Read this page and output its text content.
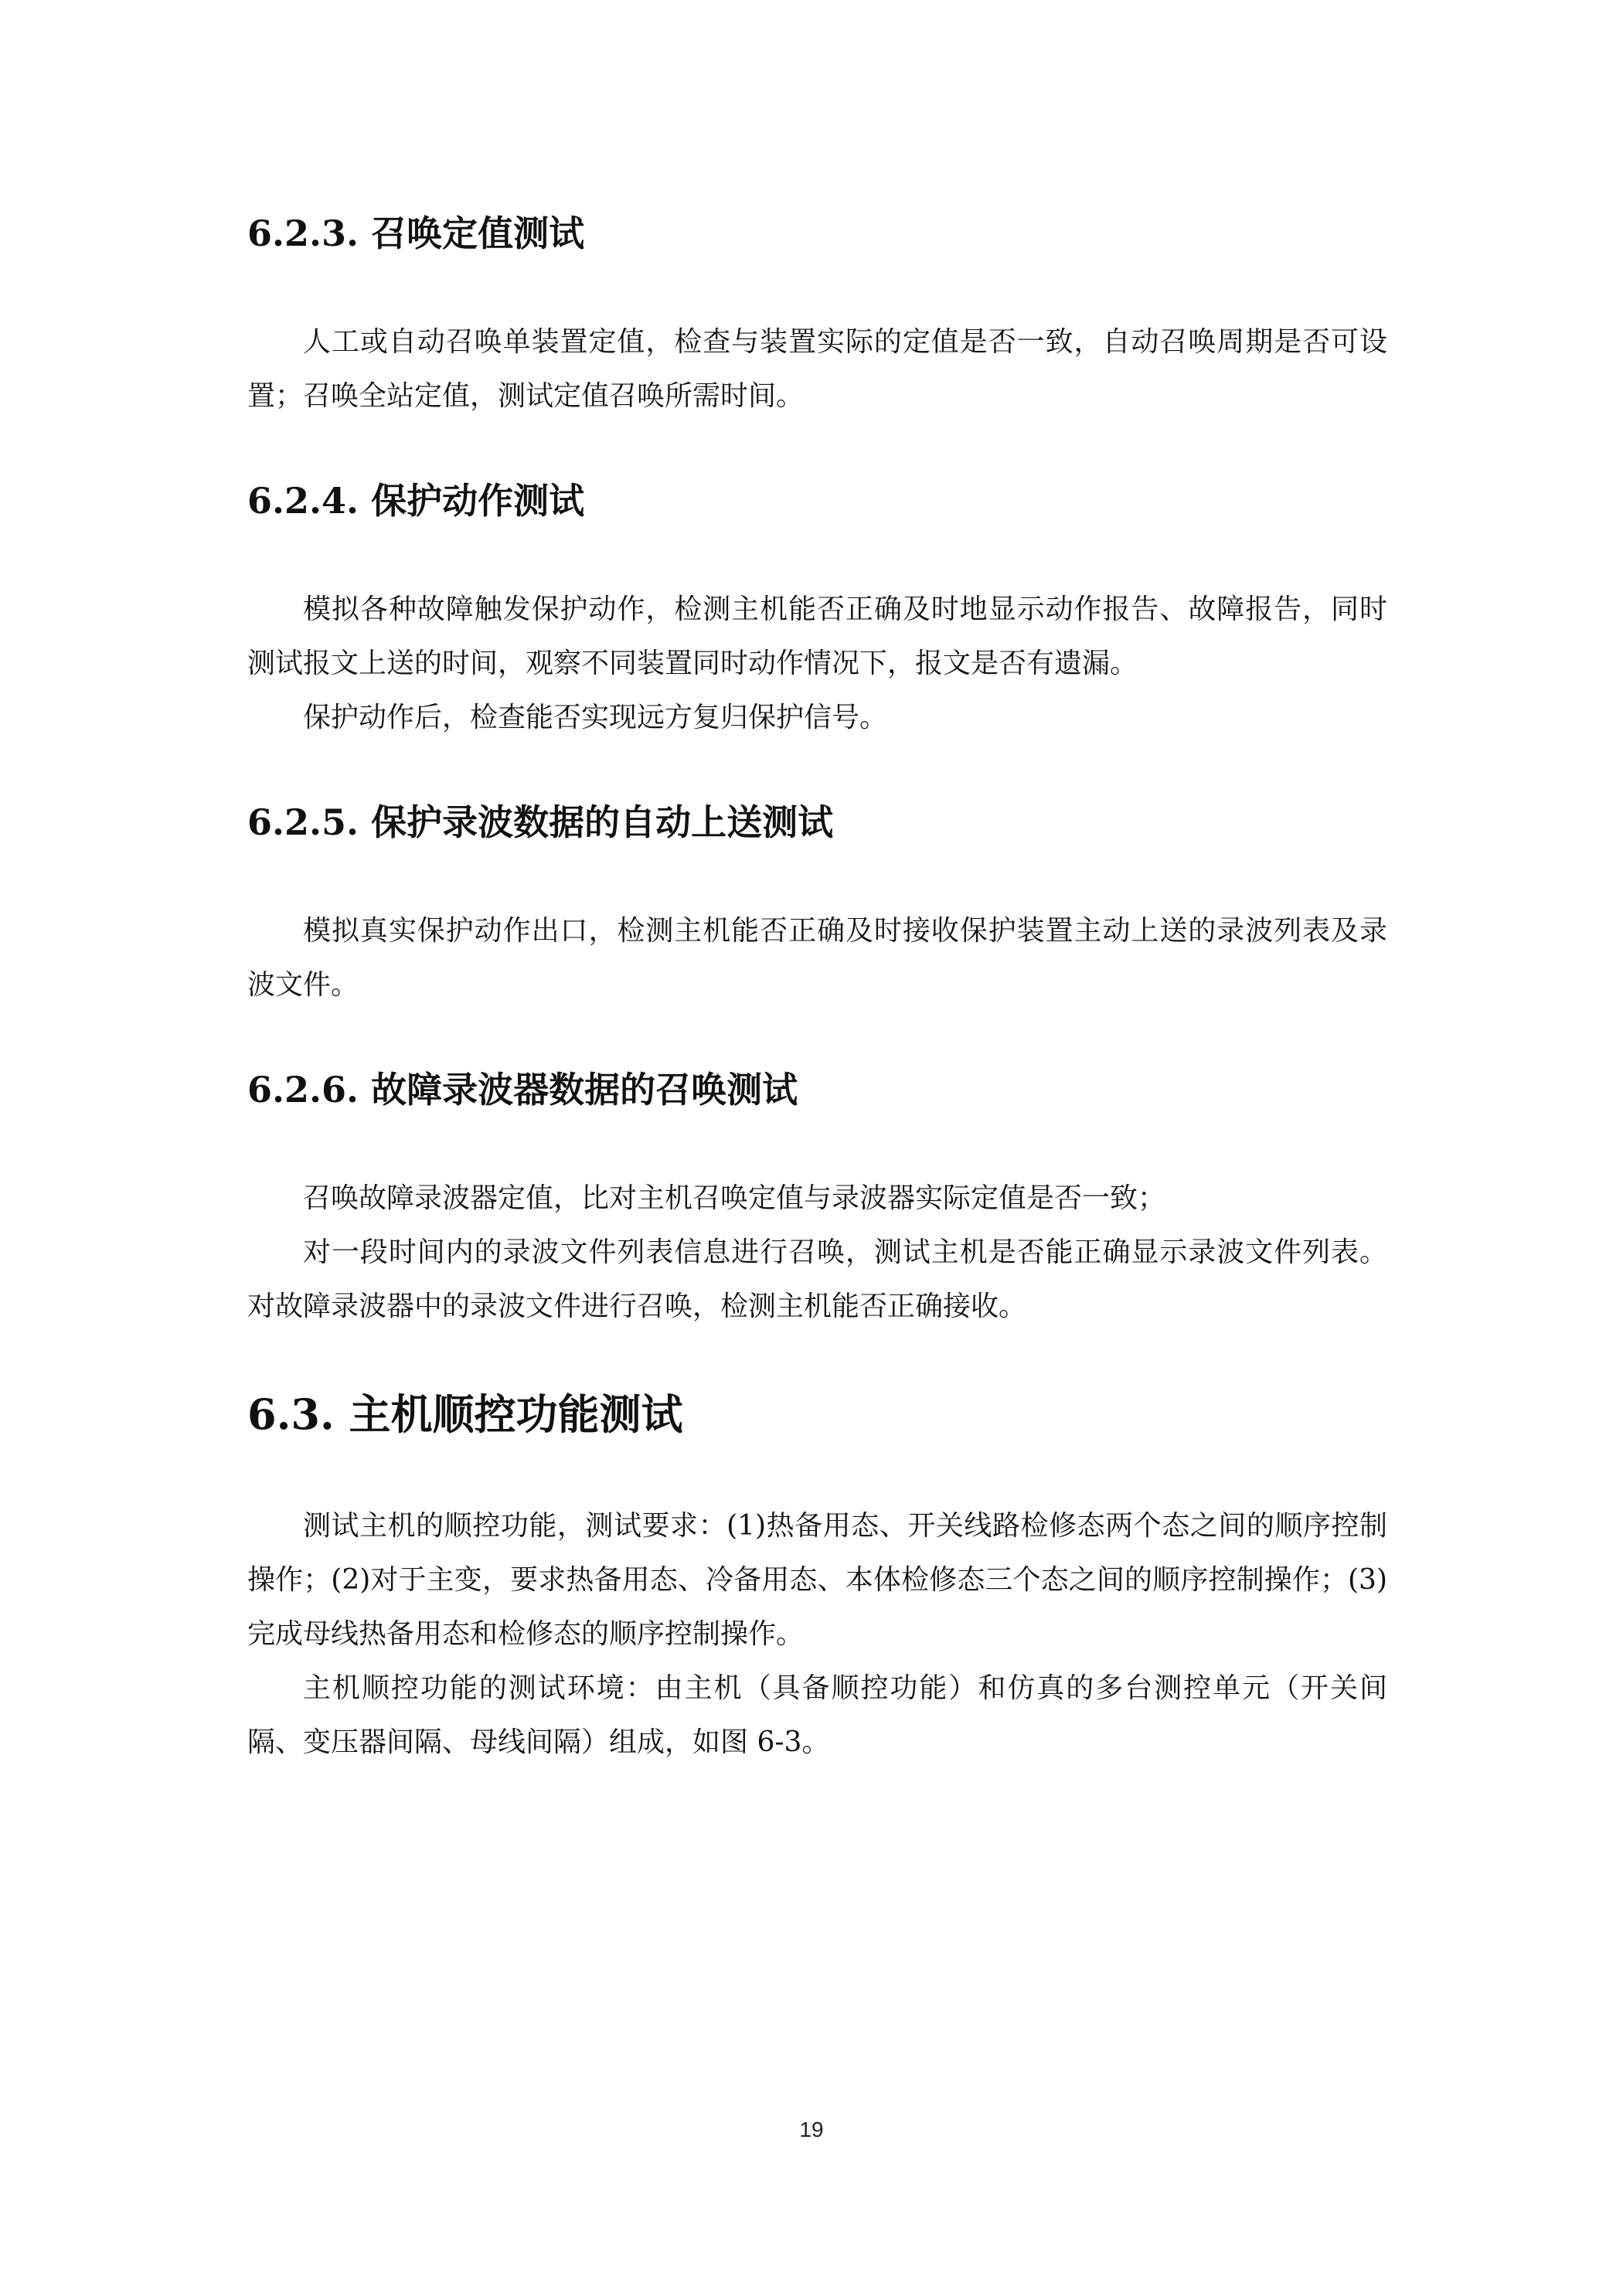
6.2.3. 召唤定值测试

人工或自动召唤单装置定值，检查与装置实际的定值是否一致，自动召唤周期是否可设置；召唤全站定值，测试定值召唤所需时间。

6.2.4. 保护动作测试

模拟各种故障触发保护动作，检测主机能否正确及时地显示动作报告、故障报告，同时测试报文上送的时间，观察不同装置同时动作情况下，报文是否有遗漏。

保护动作后，检查能否实现远方复归保护信号。

6.2.5. 保护录波数据的自动上送测试

模拟真实保护动作出口，检测主机能否正确及时接收保护装置主动上送的录波列表及录波文件。

6.2.6. 故障录波器数据的召唤测试

召唤故障录波器定值，比对主机召唤定值与录波器实际定值是否一致；

对一段时间内的录波文件列表信息进行召唤，测试主机是否能正确显示录波文件列表。对故障录波器中的录波文件进行召唤，检测主机能否正确接收。

6.3. 主机顺控功能测试

测试主机的顺控功能，测试要求：(1)热备用态、开关线路检修态两个态之间的顺序控制操作；(2)对于主变，要求热备用态、冷备用态、本体检修态三个态之间的顺序控制操作；(3)完成母线热备用态和检修态的顺序控制操作。

主机顺控功能的测试环境：由主机（具备顺控功能）和仿真的多台测控单元（开关间隔、变压器间隔、母线间隔）组成，如图 6-3。

19
